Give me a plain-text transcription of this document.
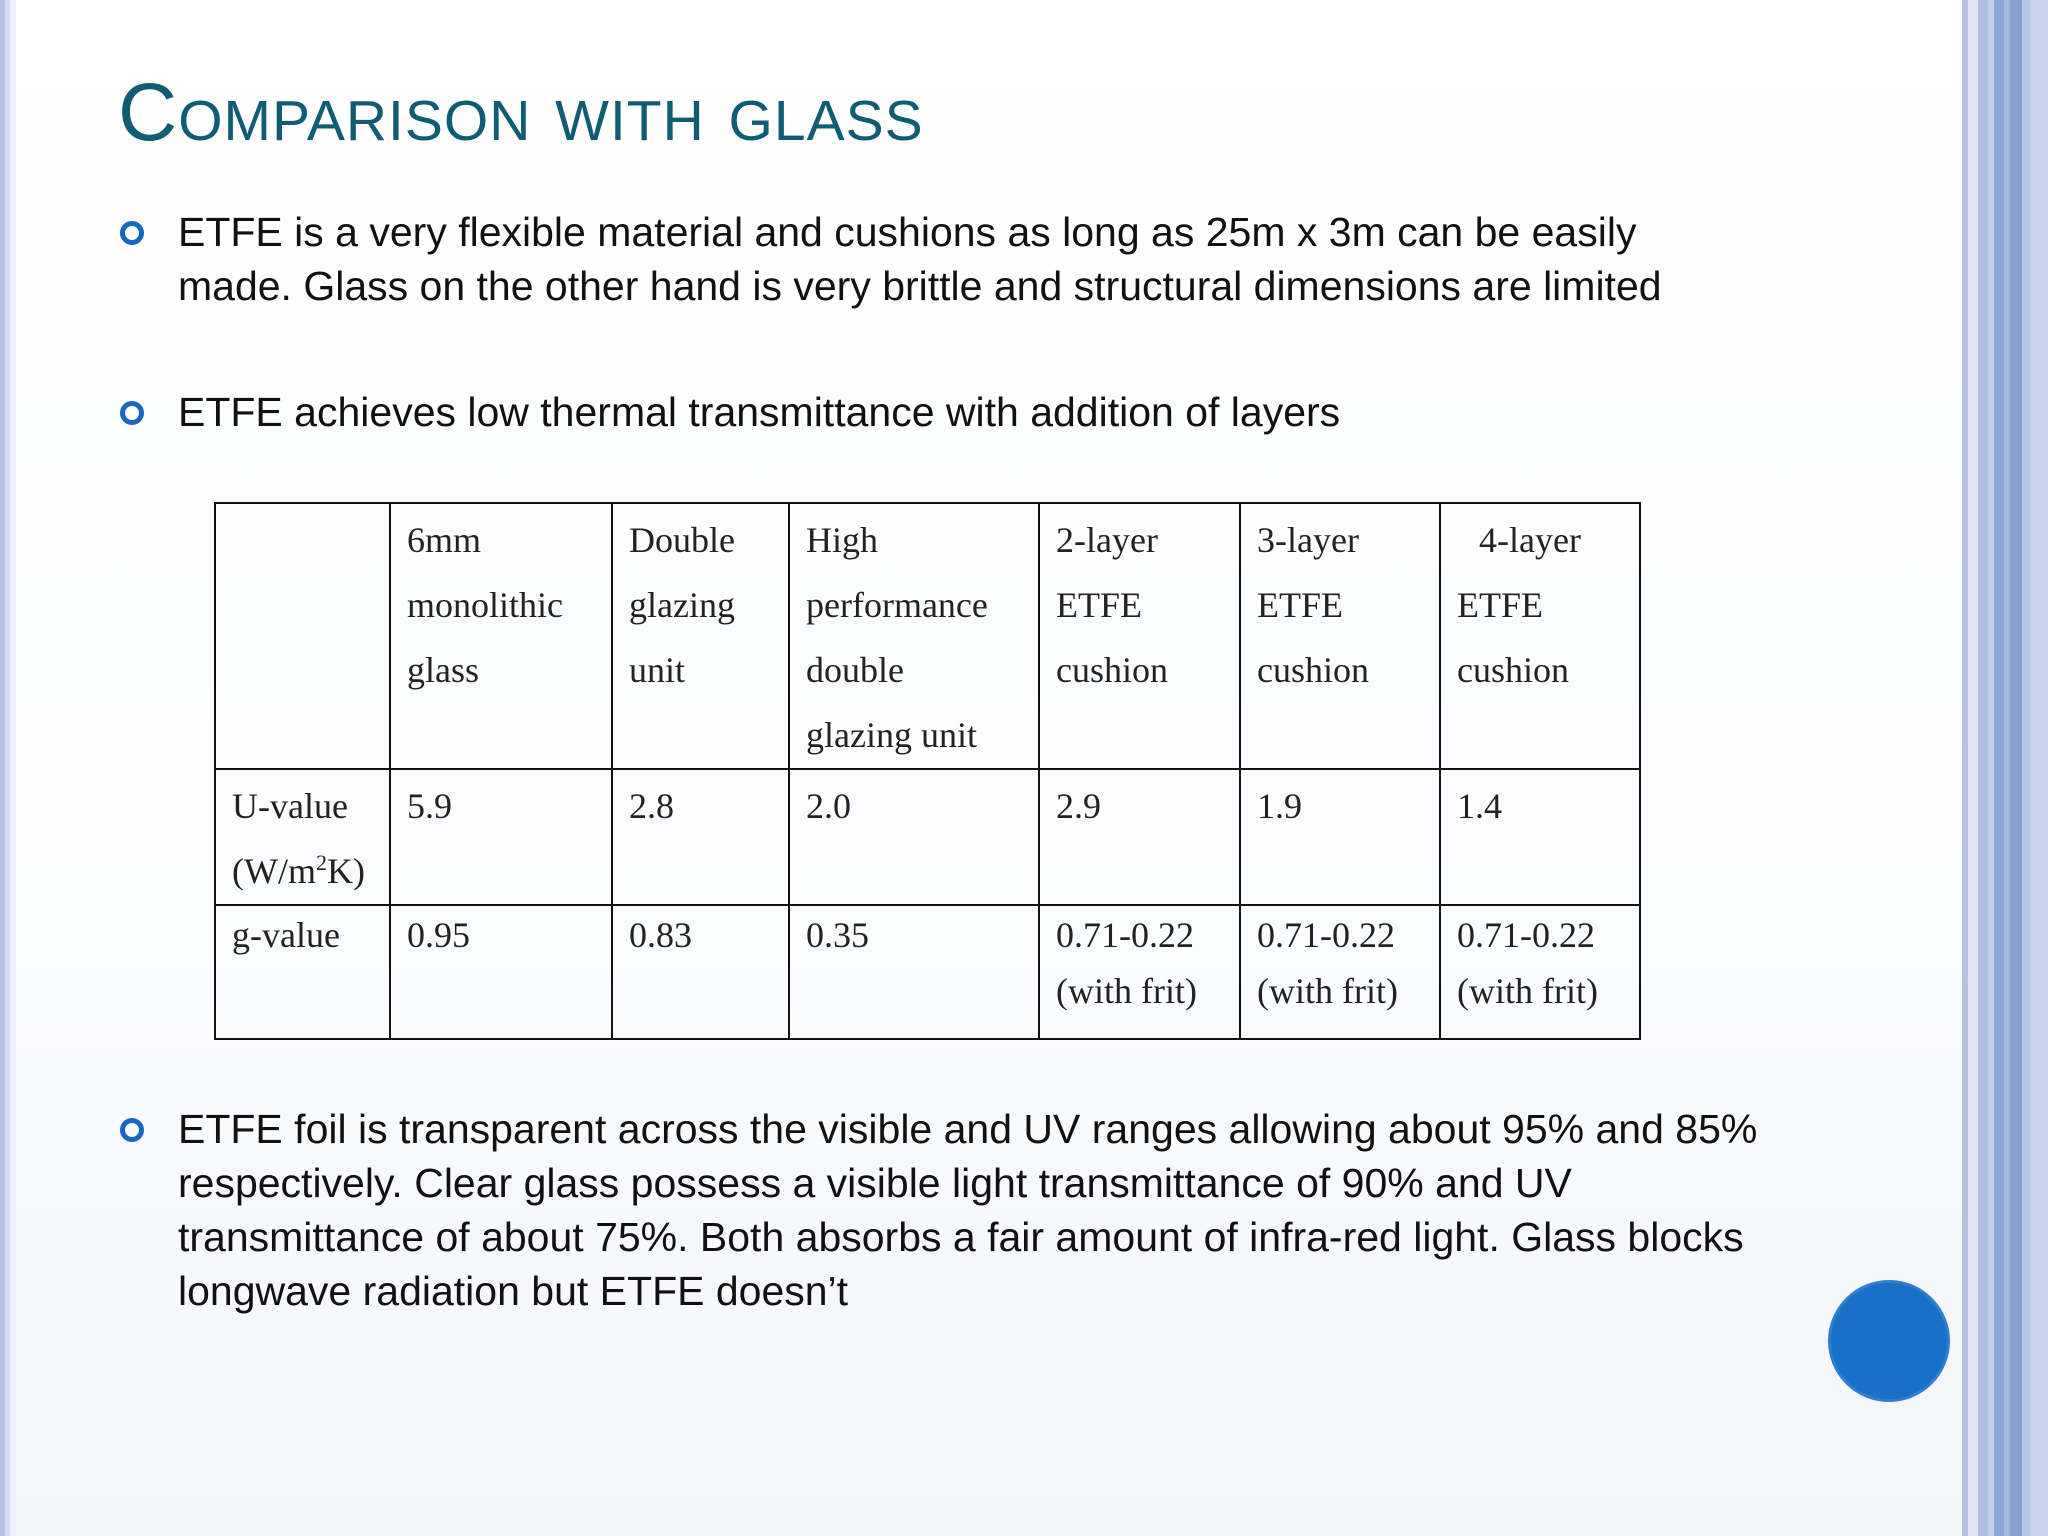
Comparison with glass

ETFE is a very flexible material and cushions as long as 25m x 3m can be easily made. Glass on the other hand is very brittle and structural dimensions are limited

ETFE achieves low thermal transmittance with addition of layers

	6mm
monolithic
glass	Double
glazing
unit	High
performance
double
glazing unit	2-layer
ETFE
cushion	3-layer
ETFE
cushion	4-layer
ETFE
cushion

U-value
$(W/m^2K)$	5.9	2.8	2.0	2.9	1.9	1.4

g-value	0.95	0.83	0.35	0.71-0.22
(with frit)	0.71-0.22
(with frit)	0.71-0.22
(with frit)

ETFE foil is transparent across the visible and UV ranges allowing about 95% and 85% respectively. Clear glass possess a visible light transmittance of 90% and UV transmittance of about 75%. Both absorbs a fair amount of infra-red light. Glass blocks longwave radiation but ETFE doesn’t
